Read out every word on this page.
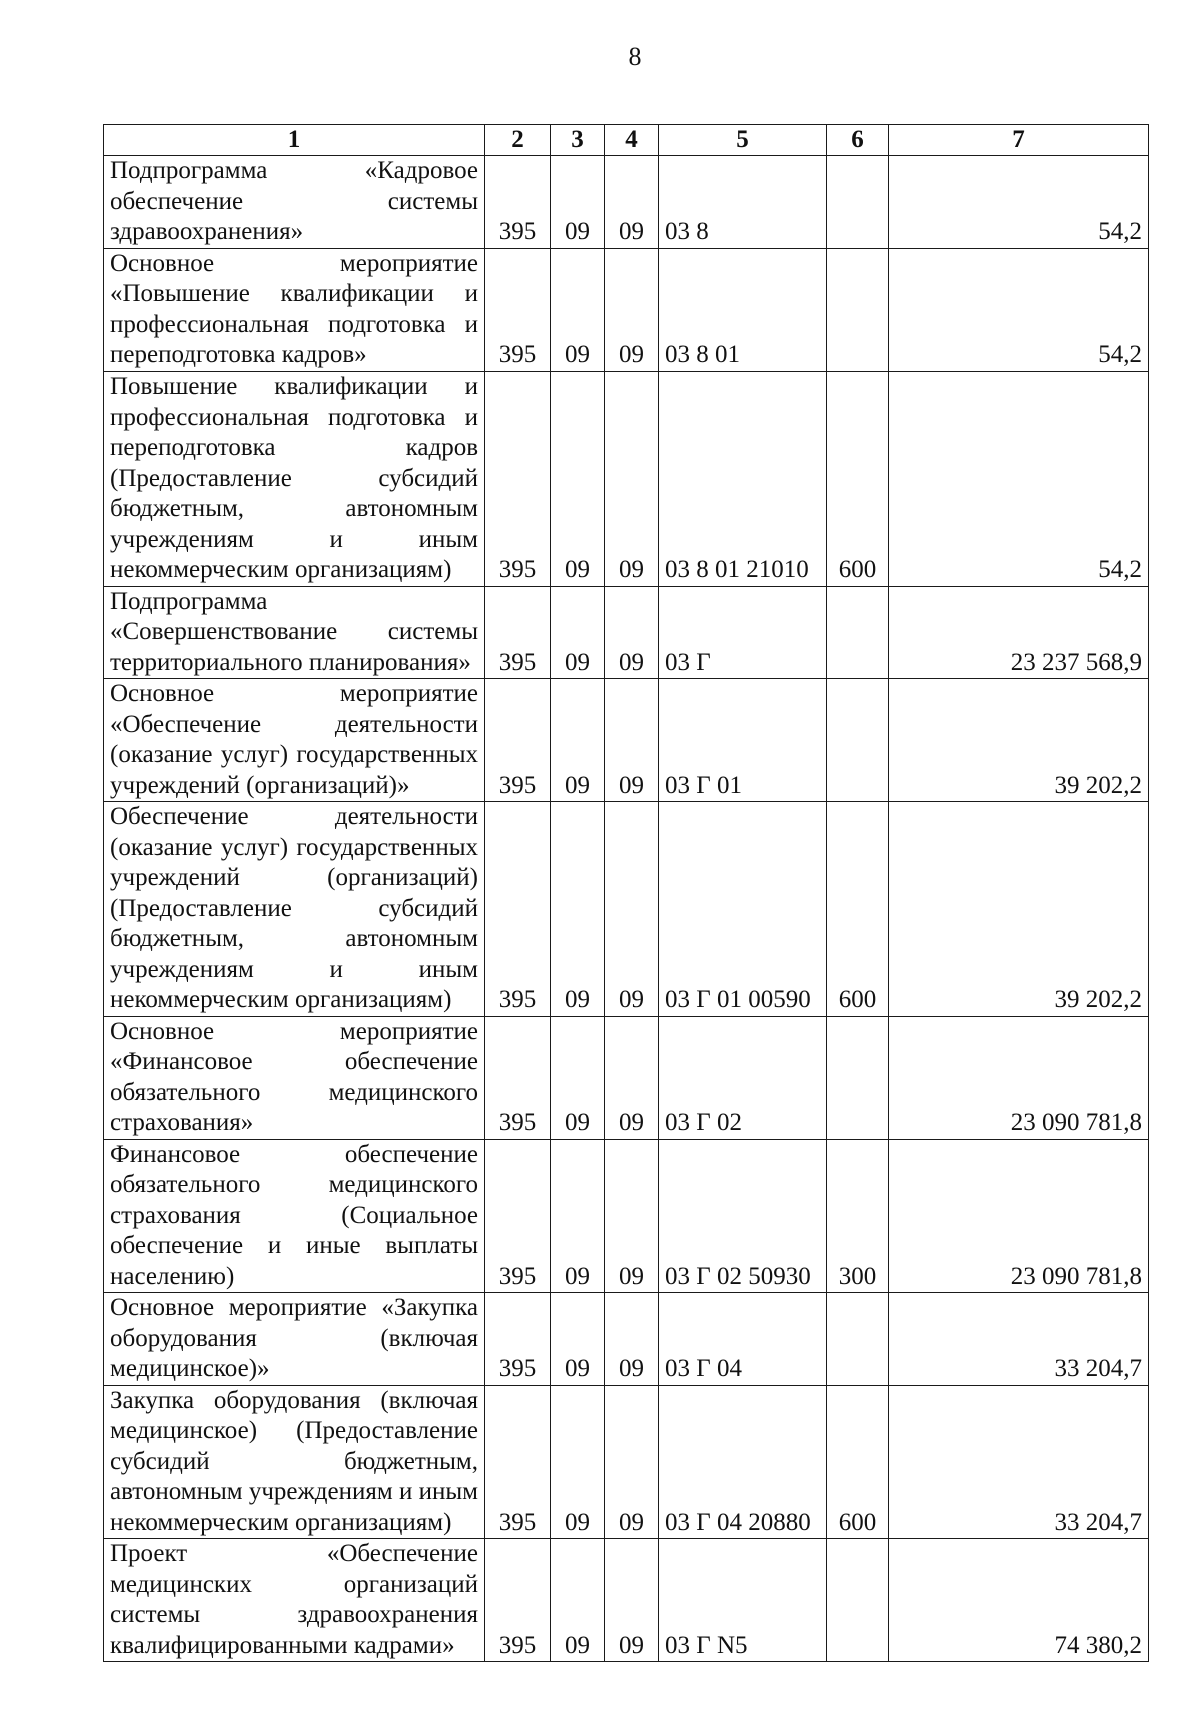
8
1	2	3	4	5	6	7
Подпрограмма «Кадровое обеспечение системы здравоохранения»	395	09	09	03 8		54,2
Основное мероприятие «Повышение квалификации и профессиональная подготовка и переподготовка кадров»	395	09	09	03 8 01		54,2
Повышение квалификации и профессиональная подготовка и переподготовка кадров (Предоставление субсидий бюджетным, автономным учреждениям и иным некоммерческим организациям)	395	09	09	03 8 01 21010	600	54,2
Подпрограмма «Совершенствование системы территориального планирования»	395	09	09	03 Г		23 237 568,9
Основное мероприятие «Обеспечение деятельности (оказание услуг) государственных учреждений (организаций)»	395	09	09	03 Г 01		39 202,2
Обеспечение деятельности (оказание услуг) государственных учреждений (организаций) (Предоставление субсидий бюджетным, автономным учреждениям и иным некоммерческим организациям)	395	09	09	03 Г 01 00590	600	39 202,2
Основное мероприятие «Финансовое обеспечение обязательного медицинского страхования»	395	09	09	03 Г 02		23 090 781,8
Финансовое обеспечение обязательного медицинского страхования (Социальное обеспечение и иные выплаты населению)	395	09	09	03 Г 02 50930	300	23 090 781,8
Основное мероприятие «Закупка оборудования (включая медицинское)»	395	09	09	03 Г 04		33 204,7
Закупка оборудования (включая медицинское) (Предоставление субсидий бюджетным, автономным учреждениям и иным некоммерческим организациям)	395	09	09	03 Г 04 20880	600	33 204,7
Проект «Обеспечение медицинских организаций системы здравоохранения квалифицированными кадрами»	395	09	09	03 Г N5		74 380,2
